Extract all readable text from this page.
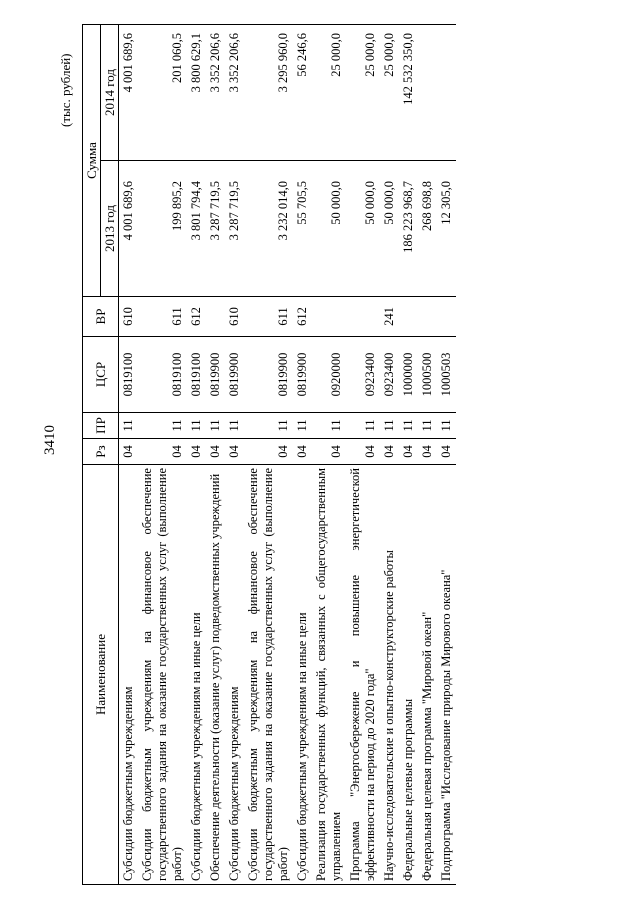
3410
(тыс. рублей)
Наименование	Рз	ПР	ЦСР	ВР	Сумма	
					2013 год	2014 год
Субсидии бюджетным учреждениям	04	11	0819100	610	4 001 689,6	4 001 689,6
Субсидии бюджетным учреждениям на финансовое обеспечение государственного задания на оказание государственных услуг (выполнение работ)	04	11	0819100	611	199 895,2	201 060,5
Субсидии бюджетным учреждениям на иные цели	04	11	0819100	612	3 801 794,4	3 800 629,1
Обеспечение деятельности (оказание услуг) подведомственных учреждений	04	11	0819900		3 287 719,5	3 352 206,6
Субсидии бюджетным учреждениям	04	11	0819900	610	3 287 719,5	3 352 206,6
Субсидии бюджетным учреждениям на финансовое обеспечение государственного задания на оказание государственных услуг (выполнение работ)	04	11	0819900	611	3 232 014,0	3 295 960,0
Субсидии бюджетным учреждениям на иные цели	04	11	0819900	612	55 705,5	56 246,6
Реализация государственных функций, связанных с общегосударственным управлением	04	11	0920000		50 000,0	25 000,0
Программа "Энергосбережение и повышение энергетической эффективности на период до 2020 года"	04	11	0923400		50 000,0	25 000,0
Научно-исследовательские и опытно-конструкторские работы	04	11	0923400	241	50 000,0	25 000,0
Федеральные целевые программы	04	11	1000000		186 223 968,7	142 532 350,0
Федеральная целевая программа "Мировой океан"	04	11	1000500		268 698,8	
Подпрограмма "Исследование природы Мирового океана"	04	11	1000503		12 305,0	
